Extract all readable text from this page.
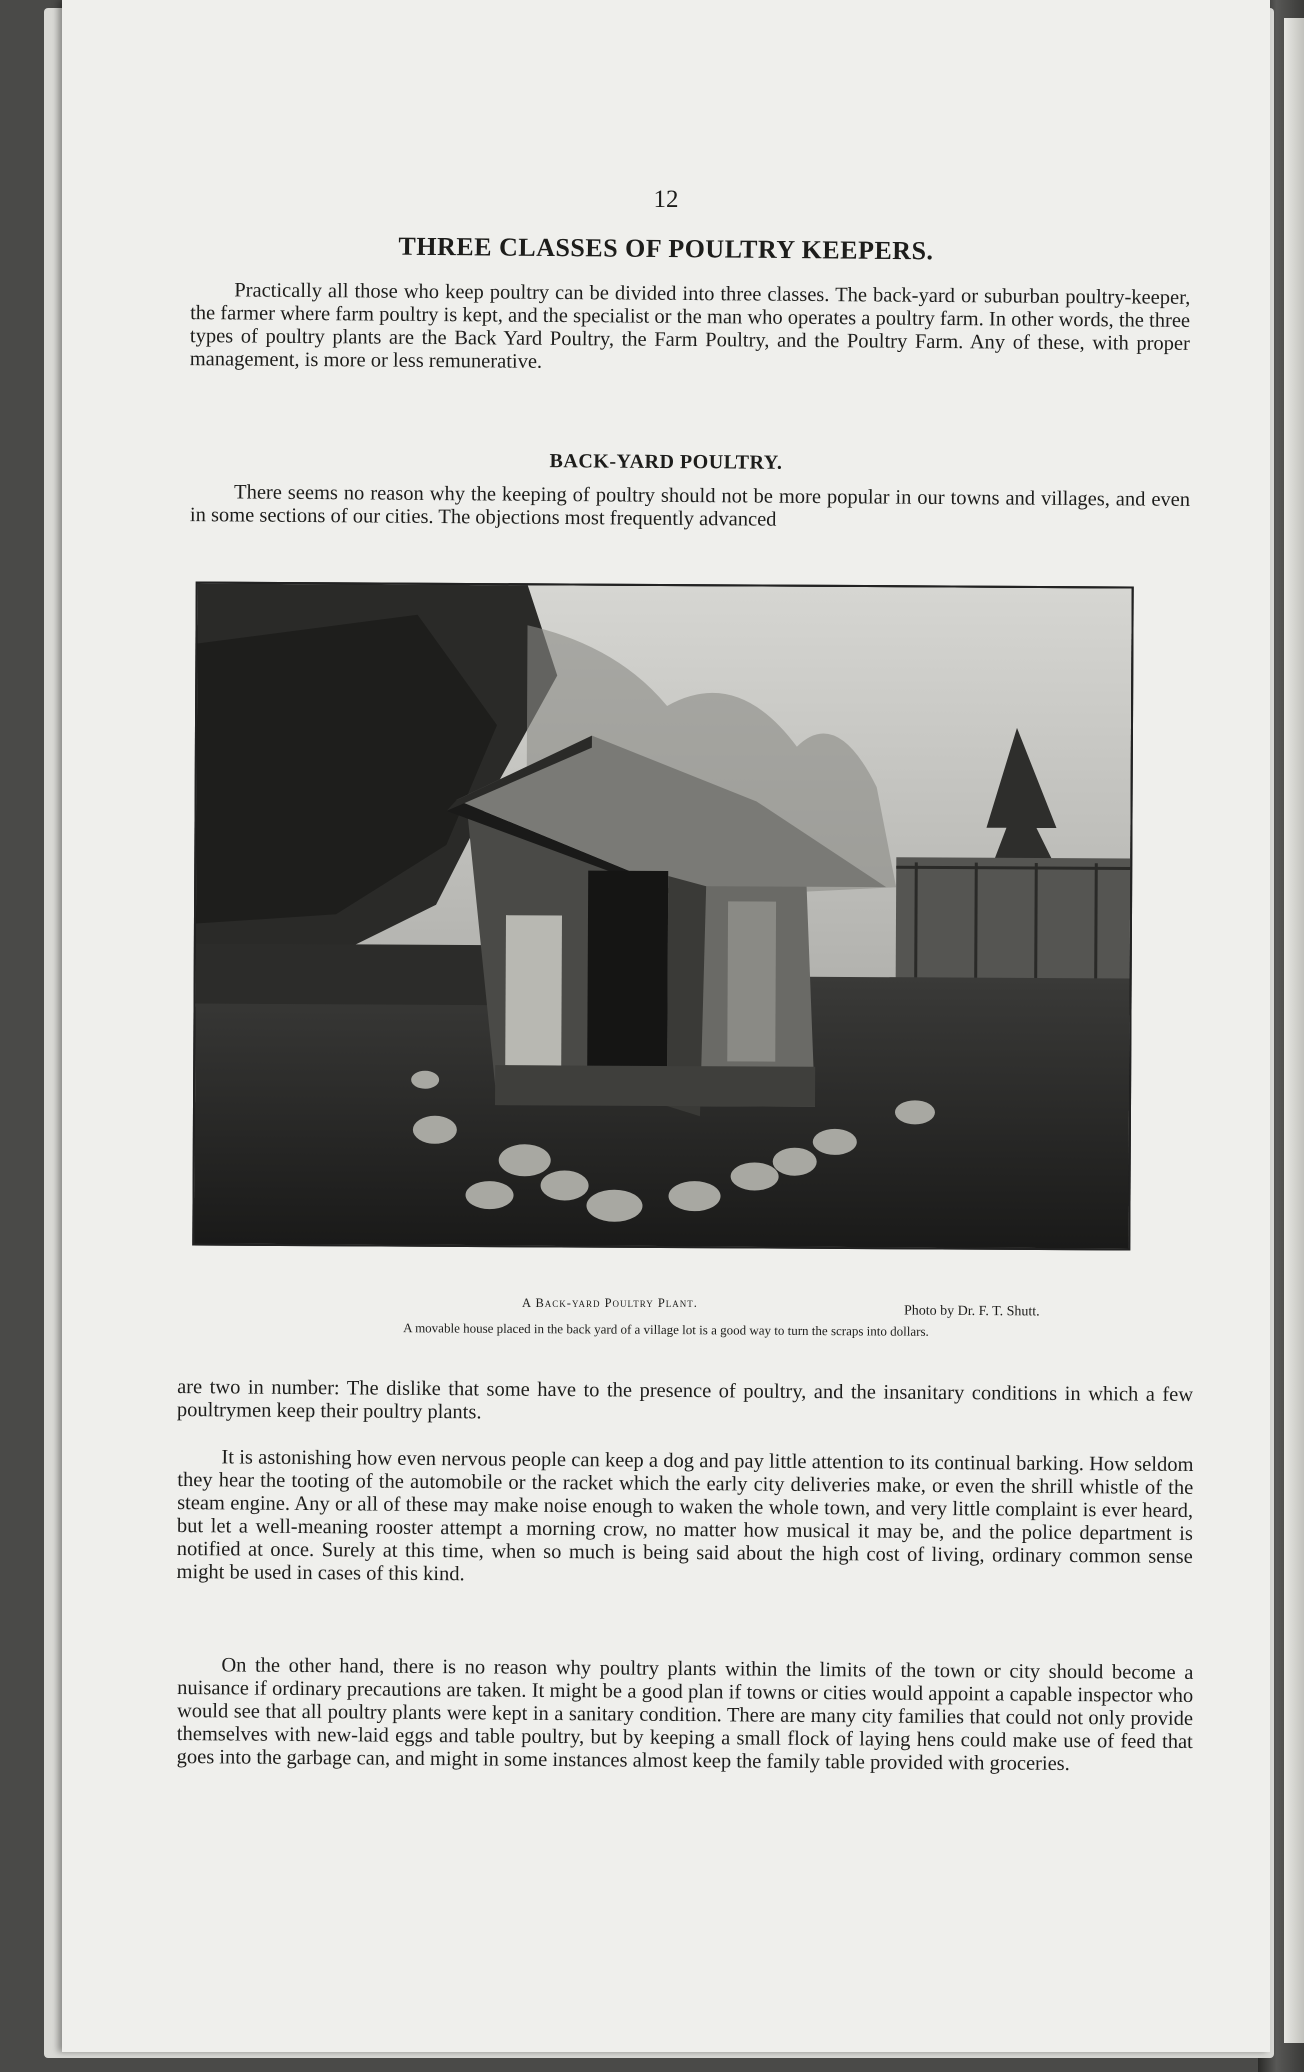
12
THREE CLASSES OF POULTRY KEEPERS.

Practically all those who keep poultry can be divided into three classes. The back-yard or suburban poultry-keeper, the farmer where farm poultry is kept, and the specialist or the man who operates a poultry farm. In other words, the three types of poultry plants are the Back Yard Poultry, the Farm Poultry, and the Poultry Farm. Any of these, with proper management, is more or less remunerative.

BACK-YARD POULTRY.

There seems no reason why the keeping of poultry should not be more popular in our towns and villages, and even in some sections of our cities. The objections most frequently advanced

A Back-yard Poultry Plant.
Photo by Dr. F. T. Shutt.
A movable house placed in the back yard of a village lot is a good way to turn the scraps into dollars.

are two in number: The dislike that some have to the presence of poultry, and the insanitary conditions in which a few poultrymen keep their poultry plants.

It is astonishing how even nervous people can keep a dog and pay little attention to its continual barking. How seldom they hear the tooting of the automobile or the racket which the early city deliveries make, or even the shrill whistle of the steam engine. Any or all of these may make noise enough to waken the whole town, and very little complaint is ever heard, but let a well-meaning rooster attempt a morning crow, no matter how musical it may be, and the police department is notified at once. Surely at this time, when so much is being said about the high cost of living, ordinary common sense might be used in cases of this kind.

On the other hand, there is no reason why poultry plants within the limits of the town or city should become a nuisance if ordinary precautions are taken. It might be a good plan if towns or cities would appoint a capable inspector who would see that all poultry plants were kept in a sanitary condition. There are many city families that could not only provide themselves with new-laid eggs and table poultry, but by keeping a small flock of laying hens could make use of feed that goes into the garbage can, and might in some instances almost keep the family table provided with groceries.
